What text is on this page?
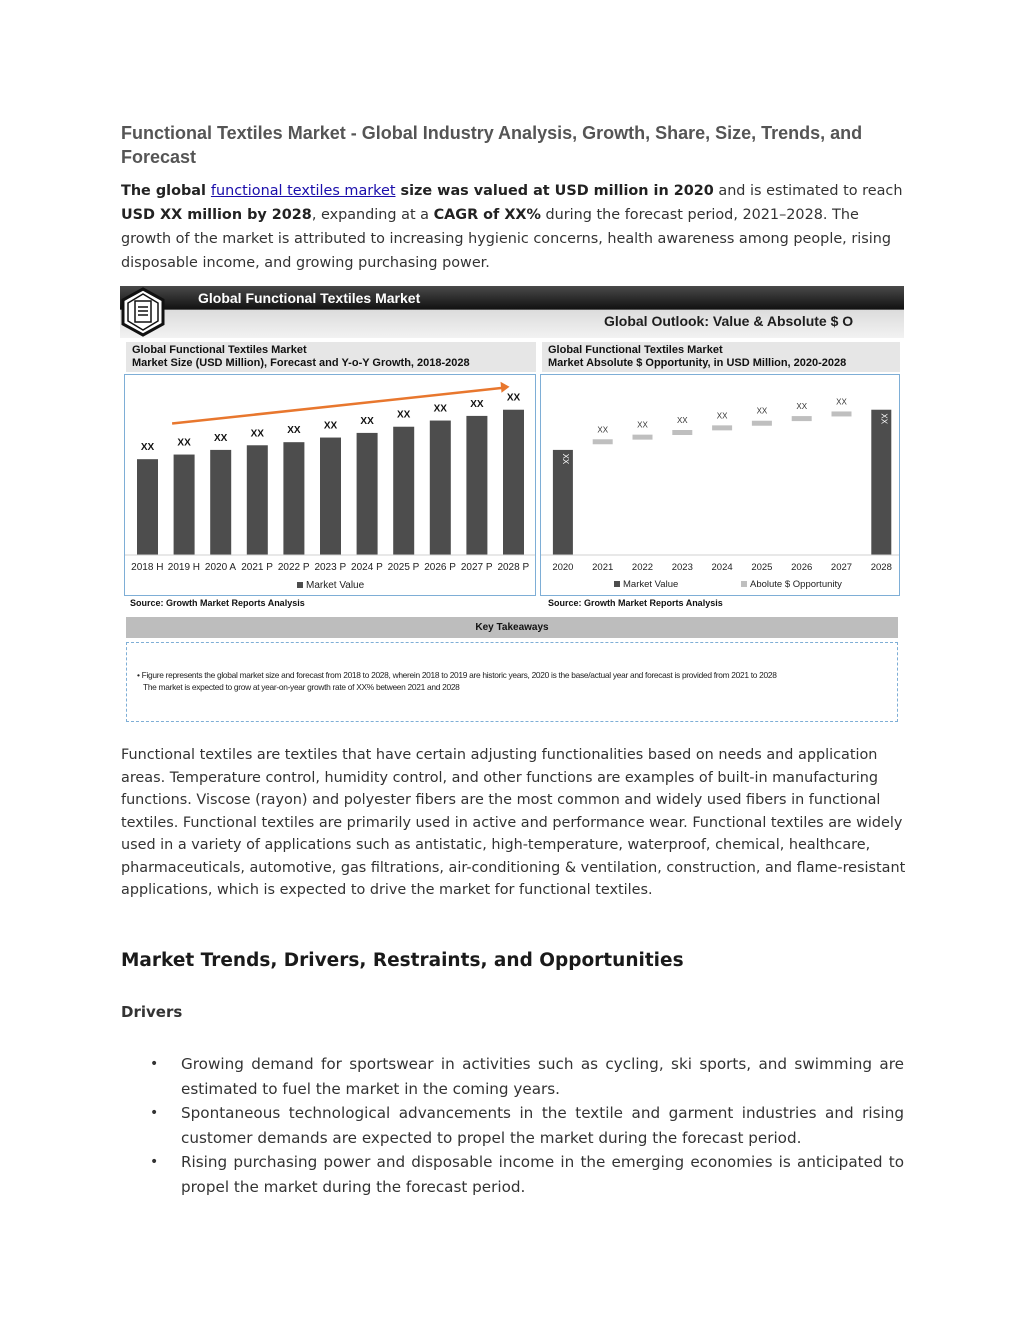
Functional Textiles Market - Global Industry Analysis, Growth, Share, Size, Trends, and Forecast

The global functional textiles market size was valued at USD million in 2020 and is estimated to reach USD XX million by 2028, expanding at a CAGR of XX% during the forecast period, 2021–2028. The growth of the market is attributed to increasing hygienic concerns, health awareness among people, rising disposable income, and growing purchasing power.

Global Functional Textiles Market
Global Outlook: Value & Absolute $ O
Global Functional Textiles Market
Market Size (USD Million), Forecast and Y-o-Y Growth, 2018-2028
XX
2018 H
XX
2019 H
XX
2020 A
XX
2021 P
XX
2022 P
XX
2023 P
XX
2024 P
XX
2025 P
XX
2026 P
XX
2027 P
XX
2028 P
Market Value
Source: Growth Market Reports Analysis
Global Functional Textiles Market
Market Absolute $ Opportunity, in USD Million, 2020-2028
2020
XX
2021
XX
2022
XX
2023
XX
2024
XX
2025
XX
2026
XX
2027
XX
2028
XX
Market Value	Abolute $ Opportunity
Source: Growth Market Reports Analysis
Key Takeaways
• Figure represents the global market size and forecast from 2018 to 2028, wherein 2018 to 2019 are historic years, 2020 is the base/actual year and forecast is provided from 2021 to 2028
The market is expected to grow at year-on-year growth rate of XX% between 2021 and 2028

Functional textiles are textiles that have certain adjusting functionalities based on needs and application areas. Temperature control, humidity control, and other functions are examples of built-in manufacturing functions. Viscose (rayon) and polyester fibers are the most common and widely used fibers in functional textiles. Functional textiles are primarily used in active and performance wear. Functional textiles are widely used in a variety of applications such as antistatic, high-temperature, waterproof, chemical, healthcare, pharmaceuticals, automotive, gas filtrations, air-conditioning & ventilation, construction, and flame-resistant applications, which is expected to drive the market for functional textiles.

Market Trends, Drivers, Restraints, and Opportunities
Drivers
• Growing demand for sportswear in activities such as cycling, ski sports, and swimming are estimated to fuel the market in the coming years.
• Spontaneous technological advancements in the textile and garment industries and rising customer demands are expected to propel the market during the forecast period.
• Rising purchasing power and disposable income in the emerging economies is anticipated to propel the market during the forecast period.
